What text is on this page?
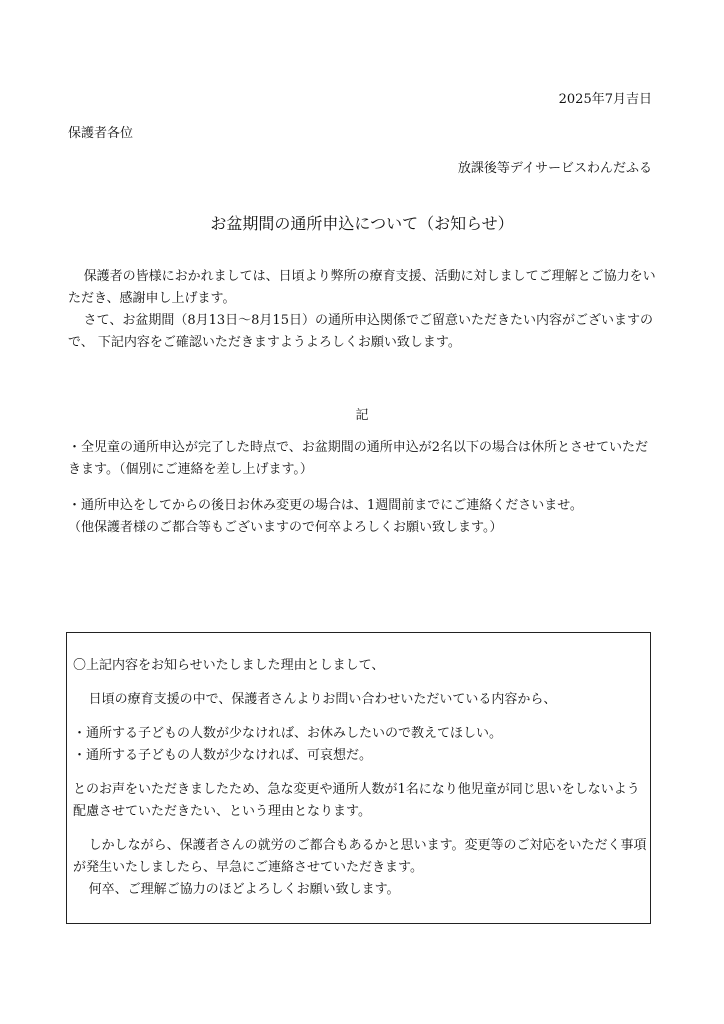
2025年7月吉日
保護者各位
放課後等デイサービスわんだふる
お盆期間の通所申込について（お知らせ）

保護者の皆様におかれましては、日頃より弊所の療育支援、活動に対しましてご理解とご協力をいただき、感謝申し上げます。

さて、お盆期間（8月13日～8月15日）の通所申込関係でご留意いただきたい内容がございますので、 下記内容をご確認いただきますようよろしくお願い致します。

記

・全児童の通所申込が完了した時点で、お盆期間の通所申込が2名以下の場合は休所とさせていただきます。（個別にご連絡を差し上げます。）

・通所申込をしてからの後日お休み変更の場合は、1週間前までにご連絡くださいませ。

（他保護者様のご都合等もございますので何卒よろしくお願い致します。）

〇上記内容をお知らせいたしました理由としまして、

日頃の療育支援の中で、保護者さんよりお問い合わせいただいている内容から、

・通所する子どもの人数が少なければ、お休みしたいので教えてほしい。

・通所する子どもの人数が少なければ、可哀想だ。

とのお声をいただきましたため、急な変更や通所人数が1名になり他児童が同じ思いをしないよう配慮させていただきたい、という理由となります。

しかしながら、保護者さんの就労のご都合もあるかと思います。変更等のご対応をいただく事項が発生いたしましたら、早急にご連絡させていただきます。

何卒、ご理解ご協力のほどよろしくお願い致します。
